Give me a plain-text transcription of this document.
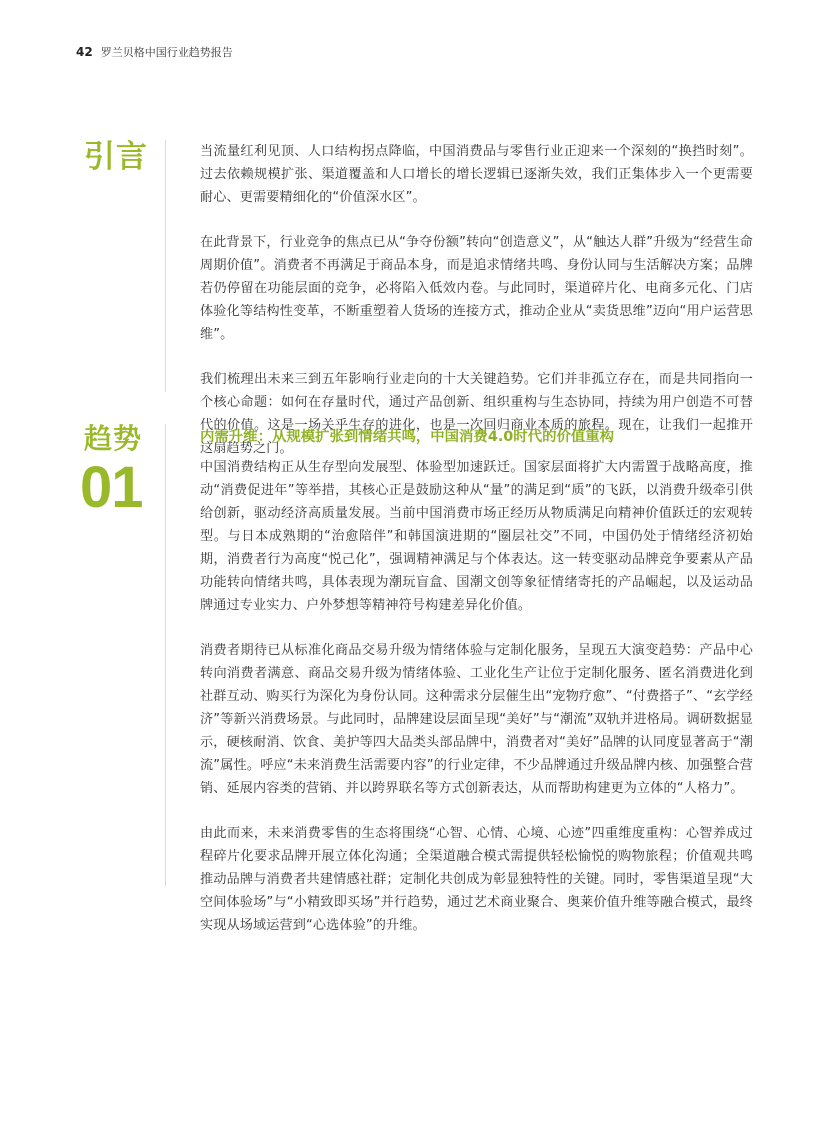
42 罗兰贝格中国行业趋势报告
引言	当流量红利见顶、人口结构拐点降临，中国消费品与零售行业正迎来一个深刻的“换挡时刻”。过去依赖规模扩张、渠道覆盖和人口增长的增长逻辑已逐渐失效，我们正集体步入一个更需要耐心、更需要精细化的“价值深水区”。

在此背景下，行业竞争的焦点已从“争夺份额”转向“创造意义”，从“触达人群”升级为“经营生命周期价值”。消费者不再满足于商品本身，而是追求情绪共鸣、身份认同与生活解决方案；品牌若仍停留在功能层面的竞争，必将陷入低效内卷。与此同时，渠道碎片化、电商多元化、门店体验化等结构性变革，不断重塑着人货场的连接方式，推动企业从“卖货思维”迈向“用户运营思维”。

我们梳理出未来三到五年影响行业走向的十大关键趋势。它们并非孤立存在，而是共同指向一个核心命题：如何在存量时代，通过产品创新、组织重构与生态协同，持续为用户创造不可替代的价值。这是一场关乎生存的进化，也是一次回归商业本质的旅程。现在，让我们一起推开这扇趋势之门。

趋势
01
内需升维：从规模扩张到情绪共鸣，中国消费4.0时代的价值重构

中国消费结构正从生存型向发展型、体验型加速跃迁。国家层面将扩大内需置于战略高度，推动“消费促进年”等举措，其核心正是鼓励这种从“量”的满足到“质”的飞跃，以消费升级牵引供给创新，驱动经济高质量发展。当前中国消费市场正经历从物质满足向精神价值跃迁的宏观转型。与日本成熟期的“治愈陪伴”和韩国演进期的“圈层社交”不同，中国仍处于情绪经济初始期，消费者行为高度“悦己化”，强调精神满足与个体表达。这一转变驱动品牌竞争要素从产品功能转向情绪共鸣，具体表现为潮玩盲盒、国潮文创等象征情绪寄托的产品崛起，以及运动品牌通过专业实力、户外梦想等精神符号构建差异化价值。

消费者期待已从标准化商品交易升级为情绪体验与定制化服务，呈现五大演变趋势：产品中心转向消费者满意、商品交易升级为情绪体验、工业化生产让位于定制化服务、匿名消费进化到社群互动、购买行为深化为身份认同。这种需求分层催生出“宠物疗愈”、“付费搭子”、“玄学经济”等新兴消费场景。与此同时，品牌建设层面呈现“美好”与“潮流”双轨并进格局。调研数据显示，硬核耐消、饮食、美护等四大品类头部品牌中，消费者对“美好”品牌的认同度显著高于“潮流”属性。呼应“未来消费生活需要内容”的行业定律，不少品牌通过升级品牌内核、加强整合营销、延展内容类的营销、并以跨界联名等方式创新表达，从而帮助构建更为立体的“人格力”。

由此而来，未来消费零售的生态将围绕“心智、心情、心境、心迹”四重维度重构：心智养成过程碎片化要求品牌开展立体化沟通；全渠道融合模式需提供轻松愉悦的购物旅程；价值观共鸣推动品牌与消费者共建情感社群；定制化共创成为彰显独特性的关键。同时，零售渠道呈现“大空间体验场”与“小精致即买场”并行趋势，通过艺术商业聚合、奥莱价值升维等融合模式，最终实现从场域运营到“心选体验”的升维。
